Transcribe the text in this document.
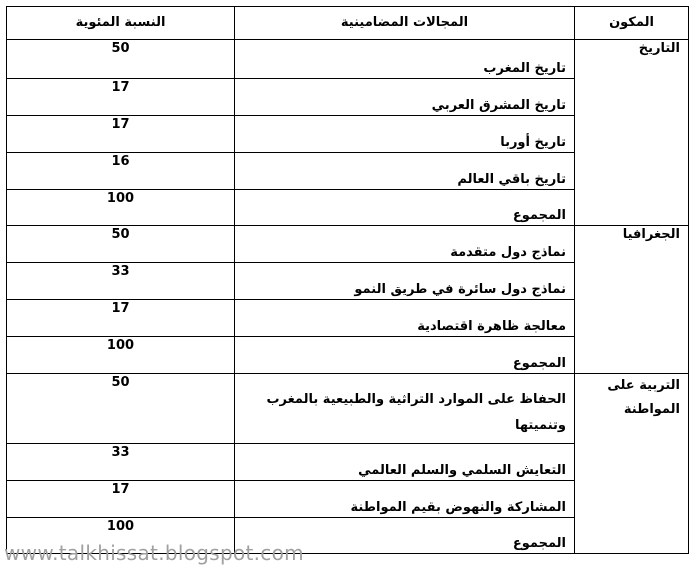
النسبة المئوية	المجالات المضامينية	المكون
50	تاريخ المغرب	التاريخ
17	تاريخ المشرق العربي	
17	تاريخ أوربا	
16	تاريخ باقي العالم	
100	المجموع	
50	نماذج دول متقدمة	الجغرافيا
33	نماذج دول سائرة في طريق النمو	
17	معالجة ظاهرة اقتصادية	
100	المجموع	
50	الحفاظ على الموارد التراثية والطبيعية بالمغرب وتنميتها	التربية على المواطنة
33	التعايش السلمي والسلم العالمي	
17	المشاركة والنهوض بقيم المواطنة	
100	المجموع	
www.talkhissat.blogspot.com
